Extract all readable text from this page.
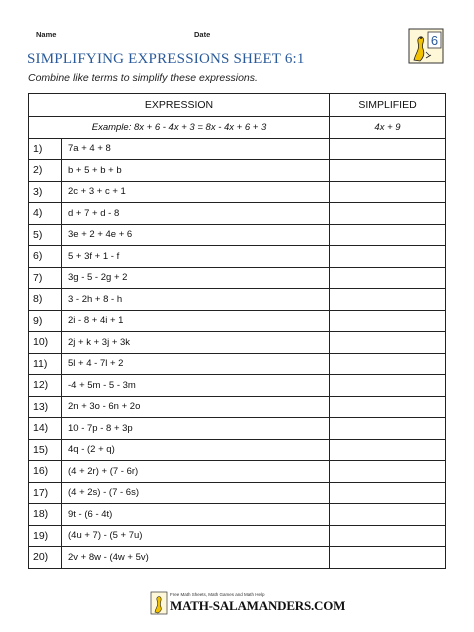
Name	Date	6
SIMPLIFYING EXPRESSIONS SHEET 6:1
Combine like terms to simplify these expressions.
EXPRESSION	SIMPLIFIED
Example: 8x + 6 - 4x + 3 = 8x - 4x + 6 + 3	4x + 9

1) 7a + 4 + 8	

2) b + 5 + b + b	

3) 2c + 3 + c + 1	

4) d + 7 + d - 8	

5) 3e + 2 + 4e + 6	

6) 5 + 3f + 1 - f	

7) 3g - 5 - 2g + 2	

8) 3 - 2h + 8 - h	

9) 2i - 8 + 4i + 1	

10) 2j + k + 3j + 3k	

11) 5l + 4 - 7l + 2	

12) -4 + 5m - 5 - 3m	

13) 2n + 3o - 6n + 2o	

14) 10 - 7p - 8 + 3p	

15) 4q - (2 + q)	

16) (4 + 2r) + (7 - 6r)	

17) (4 + 2s) - (7 - 6s)	

18) 9t - (6 - 4t)	

19) (4u + 7) - (5 + 7u)	

20) 2v + 8w - (4w + 5v)	

Free Math Sheets, Math Games and Math Help
MATH-SALAMANDERS.COM
